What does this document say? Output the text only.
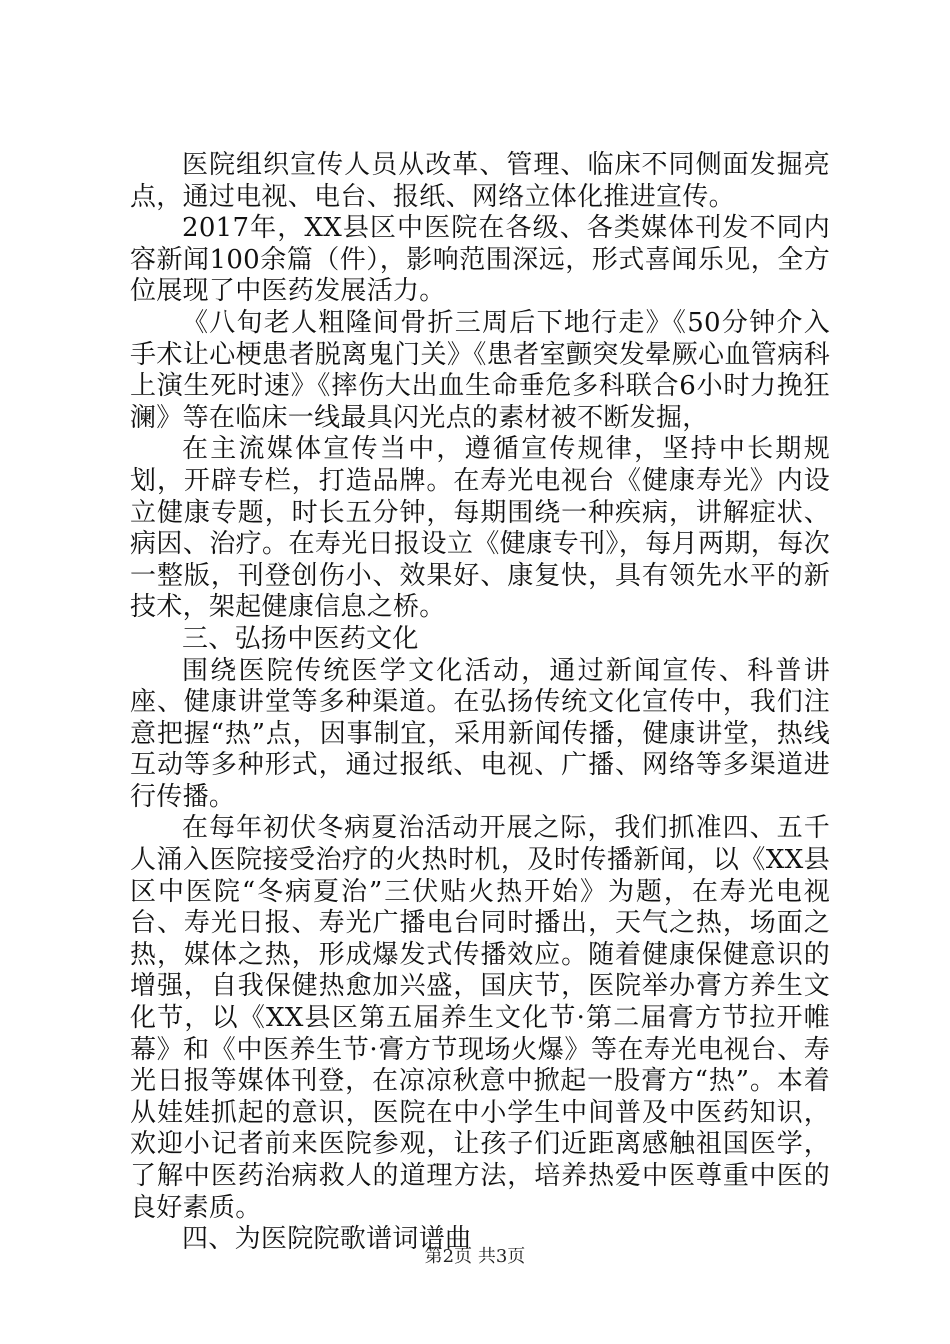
医院组织宣传人员从改革、管理、临床不同侧面发掘亮点，通过电视、电台、报纸、网络立体化推进宣传。

2017年，XX县区中医院在各级、各类媒体刊发不同内容新闻100余篇（件），影响范围深远，形式喜闻乐见，全方位展现了中医药发展活力。

《八旬老人粗隆间骨折三周后下地行走》《50分钟介入手术让心梗患者脱离鬼门关》《患者室颤突发晕厥心血管病科上演生死时速》《摔伤大出血生命垂危多科联合6小时力挽狂澜》等在临床一线最具闪光点的素材被不断发掘，

在主流媒体宣传当中，遵循宣传规律，坚持中长期规划，开辟专栏，打造品牌。在寿光电视台《健康寿光》内设立健康专题，时长五分钟，每期围绕一种疾病，讲解症状、病因、治疗。在寿光日报设立《健康专刊》，每月两期，每次一整版，刊登创伤小、效果好、康复快，具有领先水平的新技术，架起健康信息之桥。

三、弘扬中医药文化

围绕医院传统医学文化活动，通过新闻宣传、科普讲座、健康讲堂等多种渠道。在弘扬传统文化宣传中，我们注意把握“热”点，因事制宜，采用新闻传播，健康讲堂，热线互动等多种形式，通过报纸、电视、广播、网络等多渠道进行传播。

在每年初伏冬病夏治活动开展之际，我们抓准四、五千人涌入医院接受治疗的火热时机，及时传播新闻，以《XX县区中医院“冬病夏治”三伏贴火热开始》为题，在寿光电视台、寿光日报、寿光广播电台同时播出，天气之热，场面之热，媒体之热，形成爆发式传播效应。随着健康保健意识的增强，自我保健热愈加兴盛，国庆节，医院举办膏方养生文化节，以《XX县区第五届养生文化节·第二届膏方节拉开帷幕》和《中医养生节·膏方节现场火爆》等在寿光电视台、寿光日报等媒体刊登，在凉凉秋意中掀起一股膏方“热”。本着从娃娃抓起的意识，医院在中小学生中间普及中医药知识，欢迎小记者前来医院参观，让孩子们近距离感触祖国医学，了解中医药治病救人的道理方法，培养热爱中医尊重中医的良好素质。

四、为医院院歌谱词谱曲

第2页 共3页
